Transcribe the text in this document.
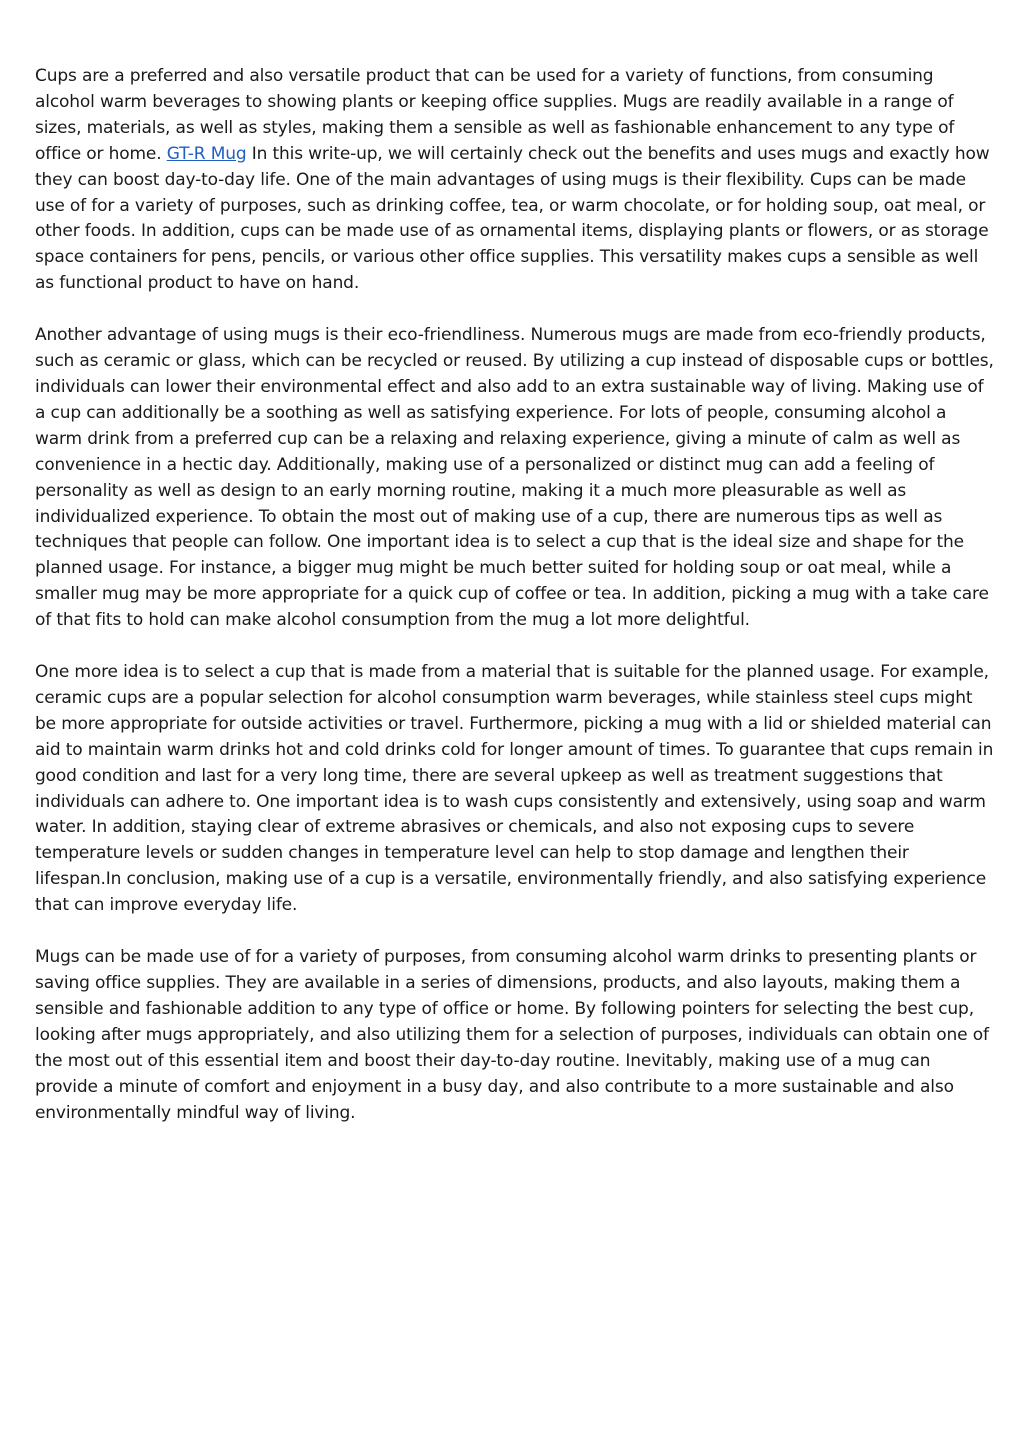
Cups are a preferred and also versatile product that can be used for a variety of functions, from consuming alcohol warm beverages to showing plants or keeping office supplies. Mugs are readily available in a range of sizes, materials, as well as styles, making them a sensible as well as fashionable enhancement to any type of office or home. GT-R Mug In this write-up, we will certainly check out the benefits and uses mugs and exactly how they can boost day-to-day life. One of the main advantages of using mugs is their flexibility. Cups can be made use of for a variety of purposes, such as drinking coffee, tea, or warm chocolate, or for holding soup, oat meal, or other foods. In addition, cups can be made use of as ornamental items, displaying plants or flowers, or as storage space containers for pens, pencils, or various other office supplies. This versatility makes cups a sensible as well as functional product to have on hand.

Another advantage of using mugs is their eco-friendliness. Numerous mugs are made from eco-friendly products, such as ceramic or glass, which can be recycled or reused. By utilizing a cup instead of disposable cups or bottles, individuals can lower their environmental effect and also add to an extra sustainable way of living. Making use of a cup can additionally be a soothing as well as satisfying experience. For lots of people, consuming alcohol a warm drink from a preferred cup can be a relaxing and relaxing experience, giving a minute of calm as well as convenience in a hectic day. Additionally, making use of a personalized or distinct mug can add a feeling of personality as well as design to an early morning routine, making it a much more pleasurable as well as individualized experience. To obtain the most out of making use of a cup, there are numerous tips as well as techniques that people can follow. One important idea is to select a cup that is the ideal size and shape for the planned usage. For instance, a bigger mug might be much better suited for holding soup or oat meal, while a smaller mug may be more appropriate for a quick cup of coffee or tea. In addition, picking a mug with a take care of that fits to hold can make alcohol consumption from the mug a lot more delightful.

One more idea is to select a cup that is made from a material that is suitable for the planned usage. For example, ceramic cups are a popular selection for alcohol consumption warm beverages, while stainless steel cups might be more appropriate for outside activities or travel. Furthermore, picking a mug with a lid or shielded material can aid to maintain warm drinks hot and cold drinks cold for longer amount of times. To guarantee that cups remain in good condition and last for a very long time, there are several upkeep as well as treatment suggestions that individuals can adhere to. One important idea is to wash cups consistently and extensively, using soap and warm water. In addition, staying clear of extreme abrasives or chemicals, and also not exposing cups to severe temperature levels or sudden changes in temperature level can help to stop damage and lengthen their lifespan.In conclusion, making use of a cup is a versatile, environmentally friendly, and also satisfying experience that can improve everyday life.

Mugs can be made use of for a variety of purposes, from consuming alcohol warm drinks to presenting plants or saving office supplies. They are available in a series of dimensions, products, and also layouts, making them a sensible and fashionable addition to any type of office or home. By following pointers for selecting the best cup, looking after mugs appropriately, and also utilizing them for a selection of purposes, individuals can obtain one of the most out of this essential item and boost their day-to-day routine. Inevitably, making use of a mug can provide a minute of comfort and enjoyment in a busy day, and also contribute to a more sustainable and also environmentally mindful way of living.
